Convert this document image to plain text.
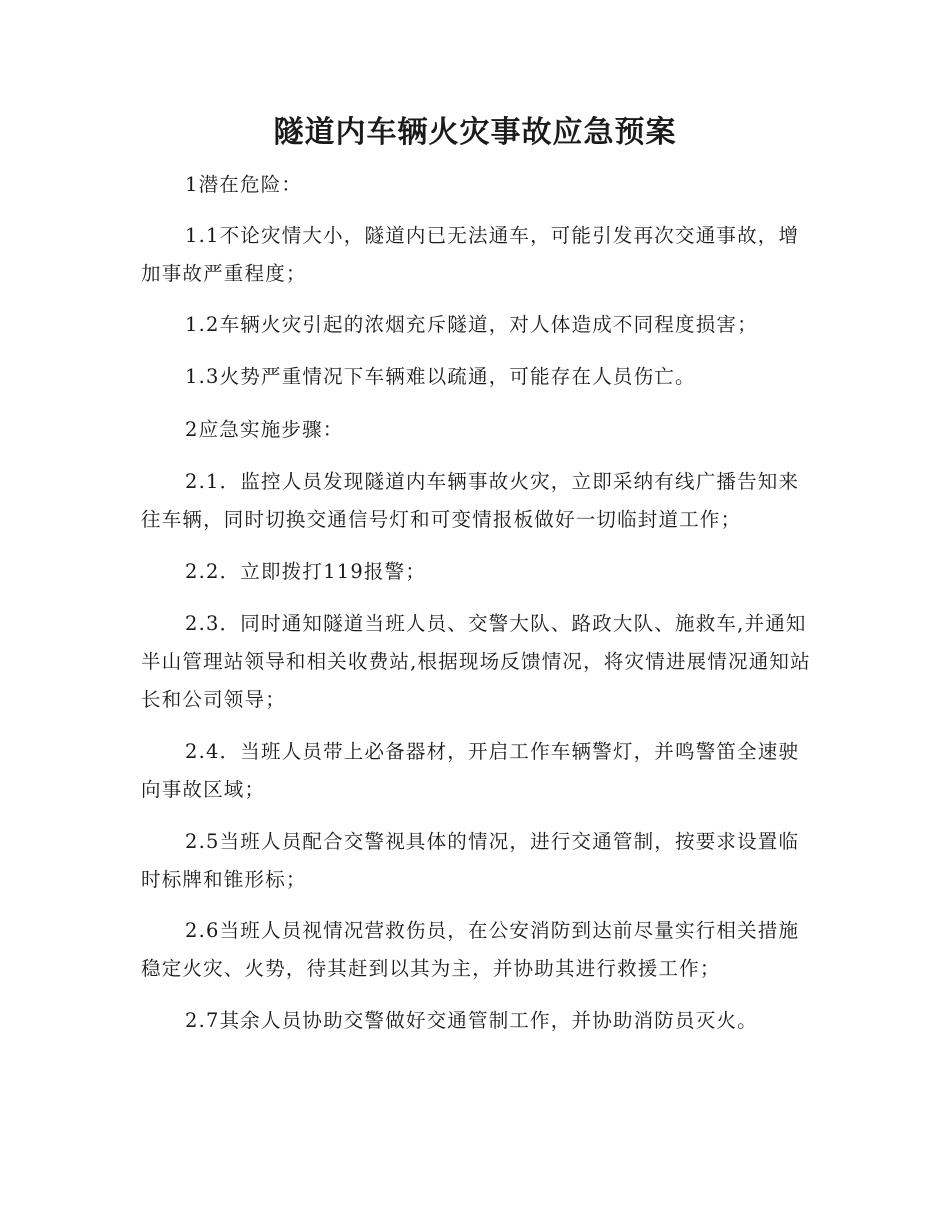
隧道内车辆火灾事故应急预案

1潜在危险：

1.1不论灾情大小，隧道内已无法通车，可能引发再次交通事故，增加事故严重程度；

1.2车辆火灾引起的浓烟充斥隧道，对人体造成不同程度损害；

1.3火势严重情况下车辆难以疏通，可能存在人员伤亡。

2应急实施步骤：

2.1．监控人员发现隧道内车辆事故火灾，立即采纳有线广播告知来往车辆，同时切换交通信号灯和可变情报板做好一切临封道工作；

2.2．立即拨打119报警；

2.3．同时通知隧道当班人员、交警大队、路政大队、施救车,并通知半山管理站领导和相关收费站,根据现场反馈情况，将灾情进展情况通知站长和公司领导；

2.4．当班人员带上必备器材，开启工作车辆警灯，并鸣警笛全速驶向事故区域；

2.5当班人员配合交警视具体的情况，进行交通管制，按要求设置临时标牌和锥形标；

2.6当班人员视情况营救伤员，在公安消防到达前尽量实行相关措施稳定火灾、火势，待其赶到以其为主，并协助其进行救援工作；

2.7其余人员协助交警做好交通管制工作，并协助消防员灭火。
